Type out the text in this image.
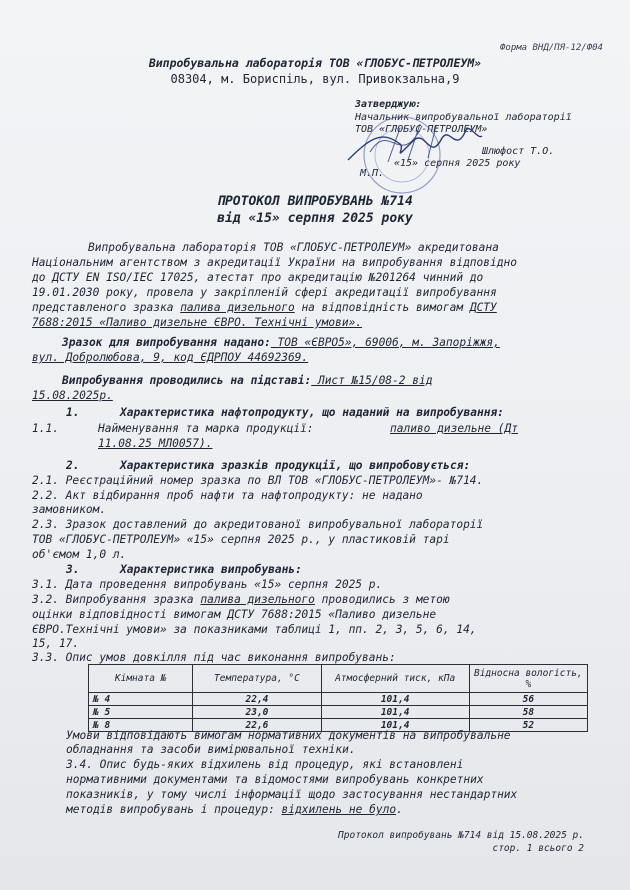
Форма ВНД/ПЯ-12/Ф04
Випробувальна лабораторія ТОВ «ГЛОБУС-ПЕТРОЛЕУМ»
08304, м. Бориспіль, вул. Привокзальна,9
Затверджую:
Начальник випробувальної лабораторії
ТОВ «ГЛОБУС-ПЕТРОЛЕУМ»
Шлюфост Т.О.
«15» серпня 2025 року
М.П.
ПРОТОКОЛ ВИПРОБУВАНЬ №714
від «15» серпня 2025 року
Випробувальна лабораторія ТОВ «ГЛОБУС-ПЕТРОЛЕУМ» акредитована
Національним агентством з акредитації України на випробування відповідно
до ДСТУ EN ISO/IEC 17025, атестат про акредитацію №201264 чинний до
19.01.2030 року, провела у закріпленій сфері акредитації випробування
представленого зразка палива дизельного на відповідність вимогам ДСТУ
7688:2015 «Паливо дизельне ЄВРО. Технічні умови».
Зразок для випробування надано: ТОВ «ЄВРО5», 69006, м. Запоріжжя,
вул. Добролюбова, 9, код ЄДРПОУ 44692369.
Випробування проводились на підставі: Лист №15/08-2 від
15.08.2025р.
1.	Характеристика нафтопродукту, що наданий на випробування:
1.1.	Найменування та марка продукції:	паливо дизельне (Дт
11.08.25 МЛ0057).
2.	Характеристика зразків продукції, що випробовується:
2.1. Реєстраційний номер зразка по ВЛ ТОВ «ГЛОБУС-ПЕТРОЛЕУМ»- №714.
2.2. Акт відбирання проб нафти та нафтопродукту: не надано
замовником.
2.3. Зразок доставлений до акредитованої випробувальної лабораторії
ТОВ «ГЛОБУС-ПЕТРОЛЕУМ» «15» серпня 2025 р., у пластиковій тарі
об'ємом 1,0 л.
3.	Характеристика випробувань:
3.1. Дата проведення випробувань «15» серпня 2025 р.
3.2. Випробування зразка палива дизельного проводились з метою
оцінки відповідності вимогам ДСТУ 7688:2015 «Паливо дизельне
ЄВРО.Технічні умови» за показниками таблиці 1, пп. 2, 3, 5, 6, 14,
15, 17.
3.3. Опис умов довкілля під час виконання випробувань:
Кімната №	Температура, °С	Атмосферний тиск, кПа	Відносна вологість, %
№ 4	22,4	101,4	56
№ 5	23,0	101,4	58
№ 8	22,6	101,4	52
Умови відповідають вимогам нормативних документів на випробувальне
обладнання та засоби вимірювальної техніки.
3.4. Опис будь-яких відхилень від процедур, які встановлені
нормативними документами та відомостями випробувань конкретних
показників, у тому числі інформації щодо застосування нестандартних
методів випробувань і процедур: відхилень не було.
Протокол випробувань №714 від 15.08.2025 р.
стор. 1 всього 2
